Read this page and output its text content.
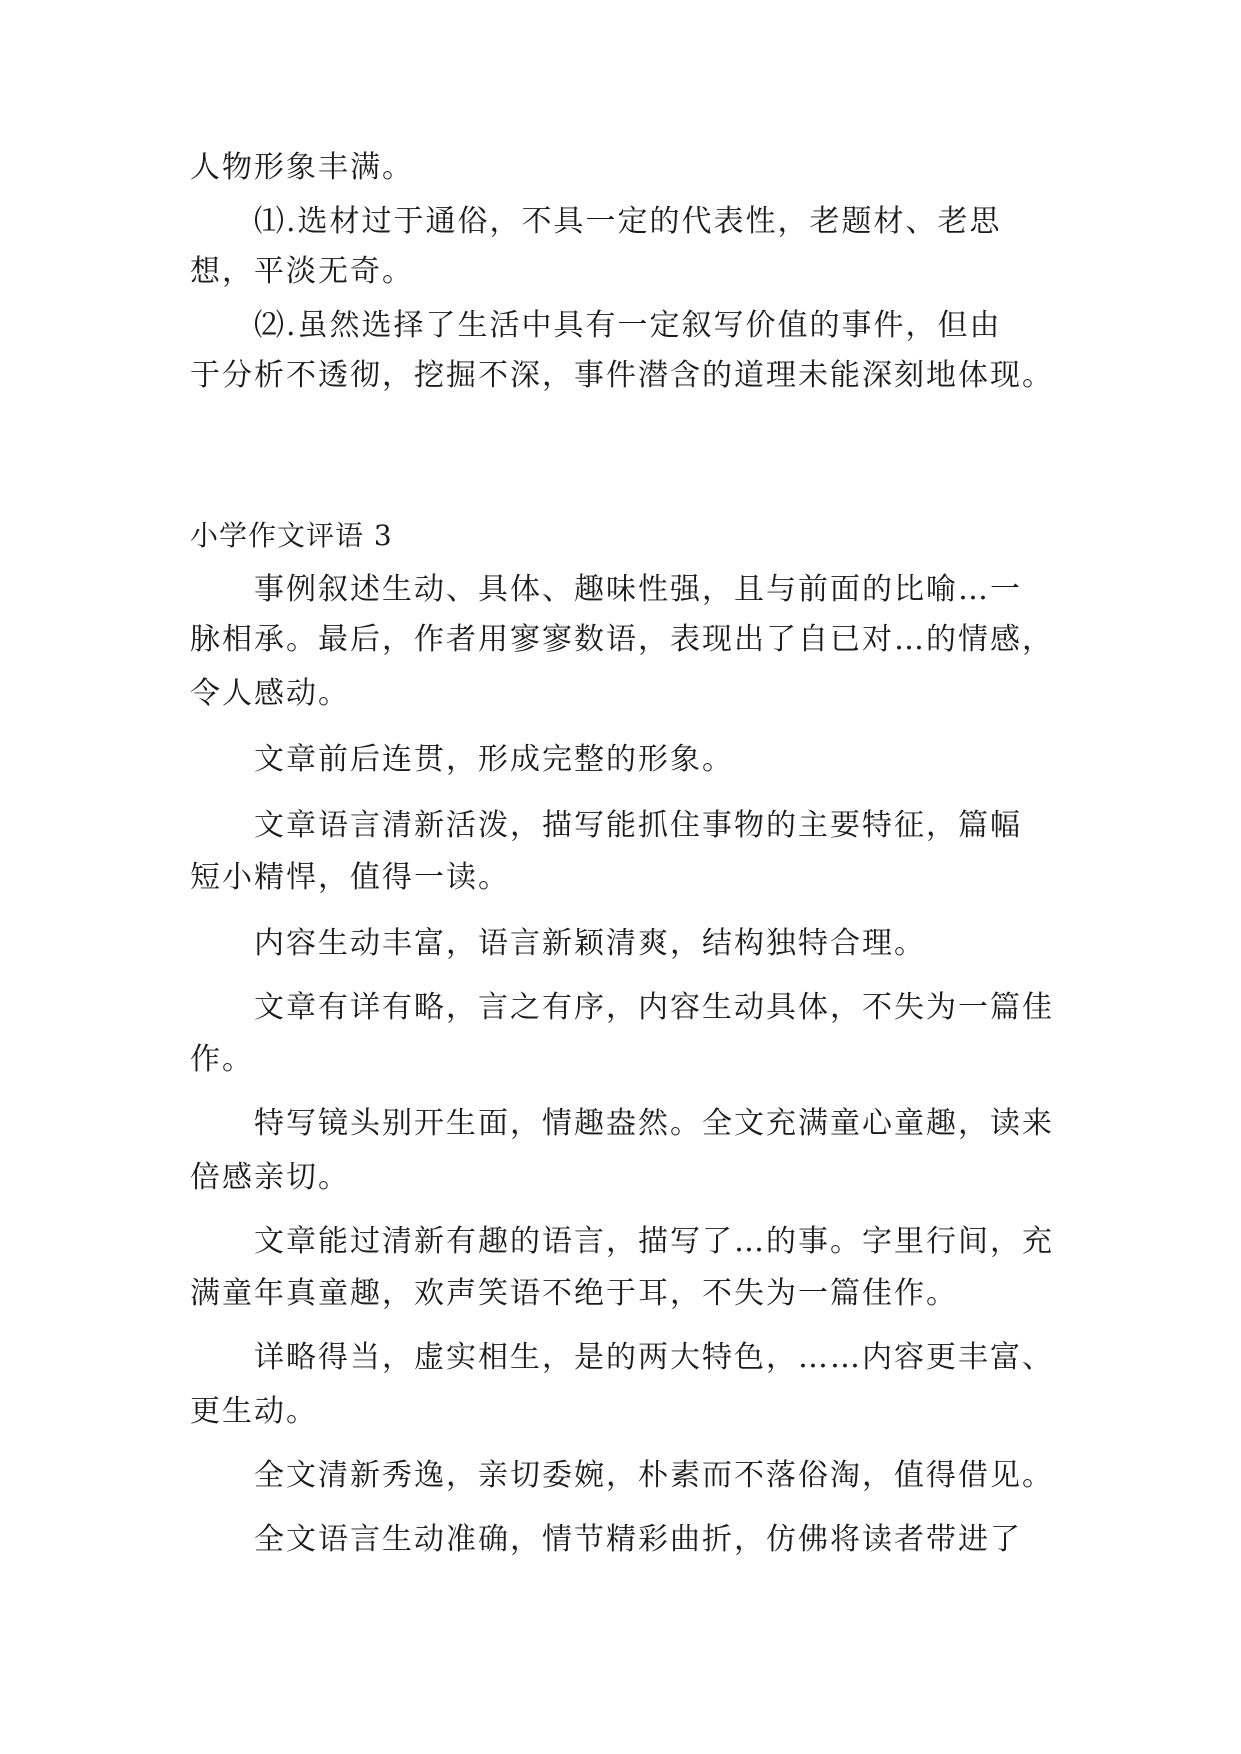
人物形象丰满。

⑴.选材过于通俗，不具一定的代表性，老题材、老思

想，平淡无奇。

⑵.虽然选择了生活中具有一定叙写价值的事件，但由

于分析不透彻，挖掘不深，事件潜含的道理未能深刻地体现。

小学作文评语 3

事例叙述生动、具体、趣味性强，且与前面的比喻…一

脉相承。最后，作者用寥寥数语，表现出了自已对…的情感，

令人感动。

文章前后连贯，形成完整的形象。

文章语言清新活泼，描写能抓住事物的主要特征，篇幅

短小精悍，值得一读。

内容生动丰富，语言新颖清爽，结构独特合理。

文章有详有略，言之有序，内容生动具体，不失为一篇佳

作。

特写镜头别开生面，情趣盎然。全文充满童心童趣，读来

倍感亲切。

文章能过清新有趣的语言，描写了…的事。字里行间，充

满童年真童趣，欢声笑语不绝于耳，不失为一篇佳作。

详略得当，虚实相生，是的两大特色，……内容更丰富、

更生动。

全文清新秀逸，亲切委婉，朴素而不落俗淘，值得借见。

全文语言生动准确，情节精彩曲折，仿佛将读者带进了
